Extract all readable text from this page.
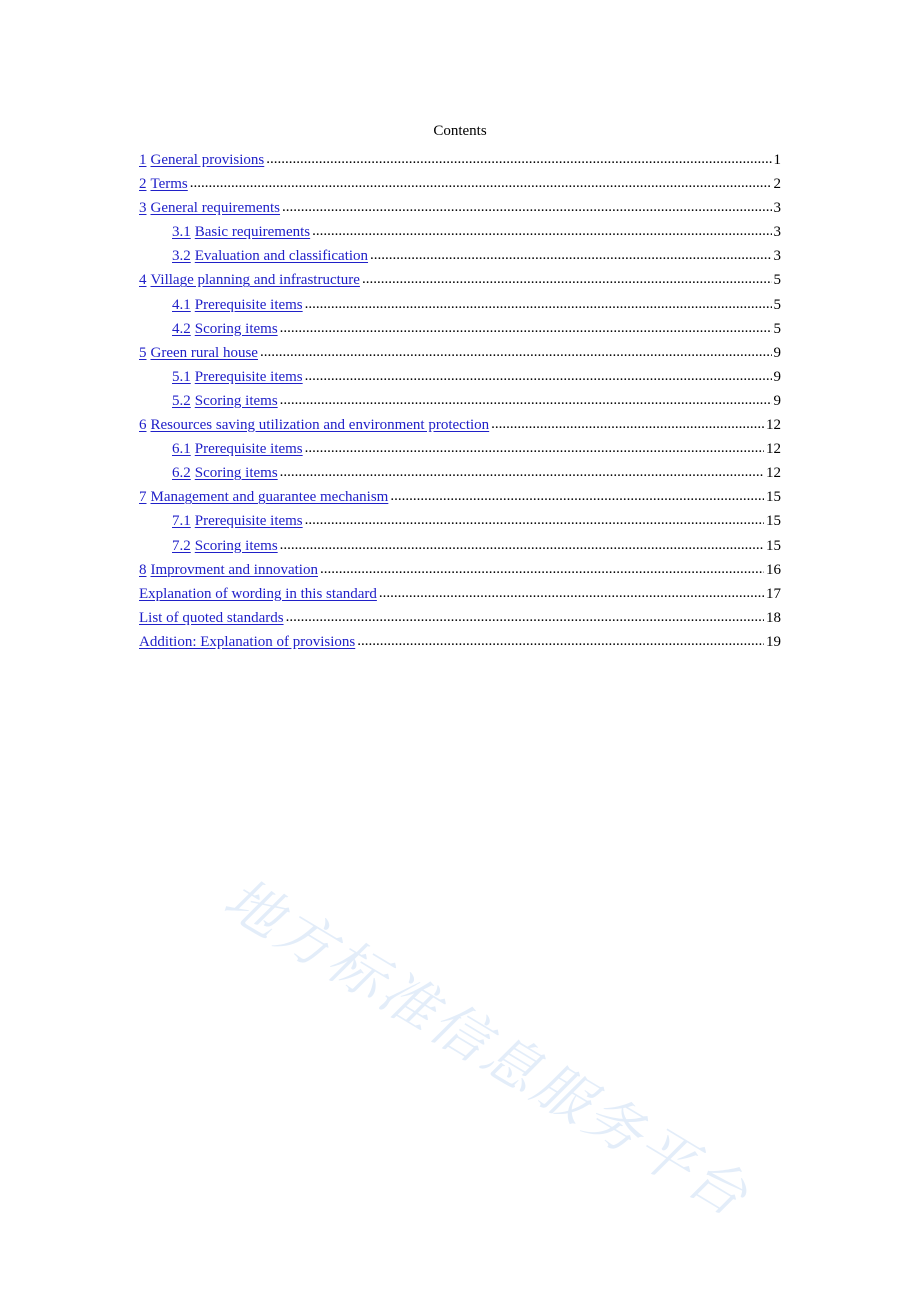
Contents
1 General provisions .....	1
2 Terms .....	2
3 General requirements .....	3
3.1 Basic requirements .....	3
3.2 Evaluation and classification .....	3
4 Village planning and infrastructure .....	5
4.1 Prerequisite items .....	5
4.2 Scoring items .....	5
5 Green rural house .....	9
5.1 Prerequisite items .....	9
5.2 Scoring items .....	9
6 Resources saving utilization and environment protection .....	12
6.1 Prerequisite items .....	12
6.2 Scoring items .....	12
7 Management and guarantee mechanism .....	15
7.1 Prerequisite items .....	15
7.2 Scoring items .....	15
8 Improvment and innovation .....	16
Explanation of wording in this standard .....	17
List of quoted standards .....	18
Addition: Explanation of provisions .....	19
地方标准信息服务平台
